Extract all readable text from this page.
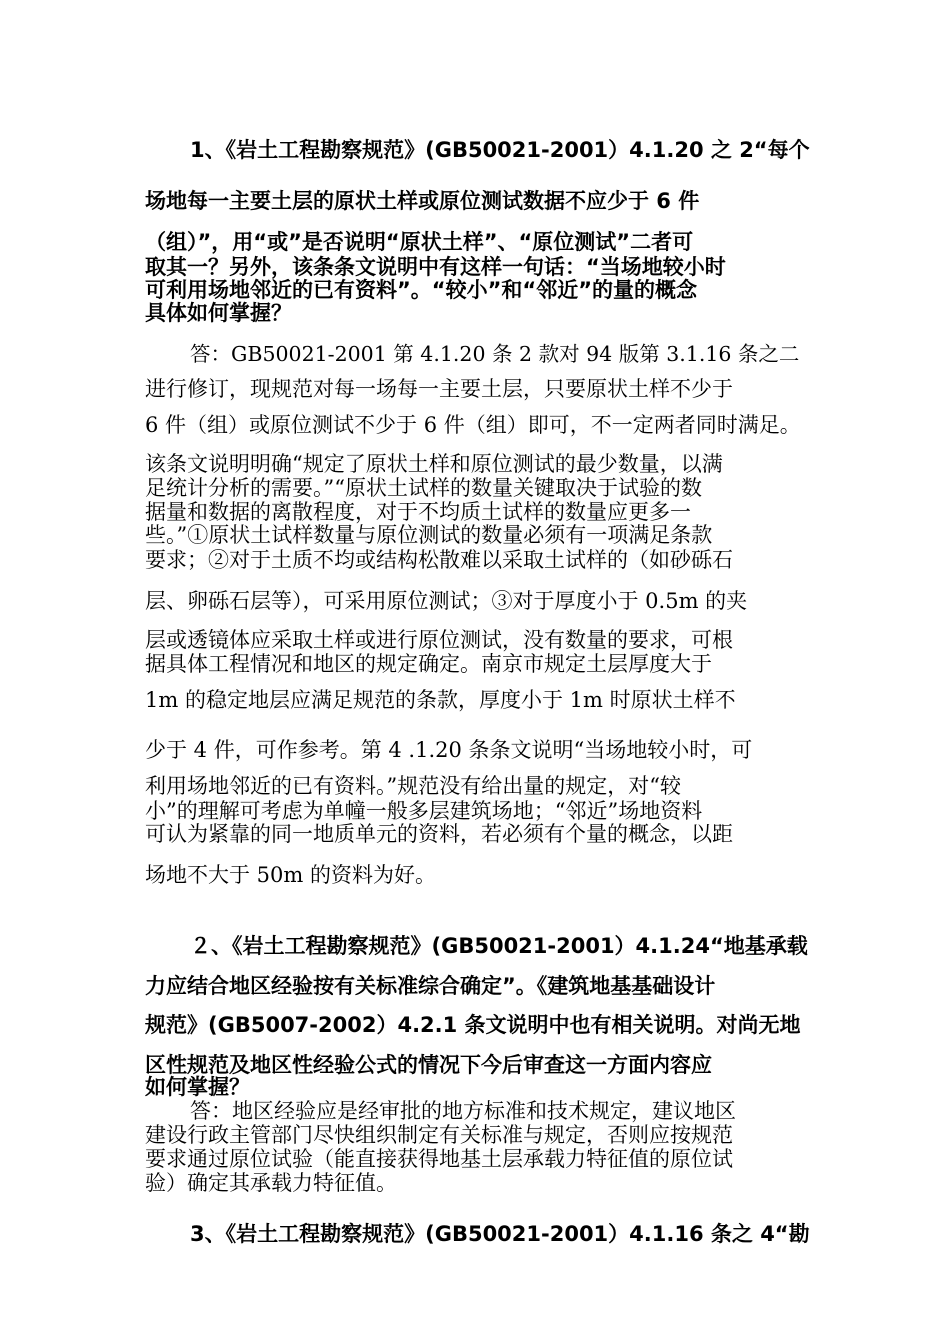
1、《岩土工程勘察规范》(GB50021-2001）4.1.20 之 2“每个
场地每一主要土层的原状土样或原位测试数据不应少于 6 件
（组）”，用“或”是否说明“原状土样”、“原位测试”二者可
取其一？另外，该条条文说明中有这样一句话：“当场地较小时
可利用场地邻近的已有资料”。“较小”和“邻近”的量的概念
具体如何掌握？
答：GB50021-2001 第 4.1.20 条 2 款对 94 版第 3.1.16 条之二
进行修订，现规范对每一场每一主要土层，只要原状土样不少于
6 件（组）或原位测试不少于 6 件（组）即可，不一定两者同时满足。
该条文说明明确“规定了原状土样和原位测试的最少数量，以满
足统计分析的需要。”“原状土试样的数量关键取决于试验的数
据量和数据的离散程度，对于不均质土试样的数量应更多一
些。”①原状土试样数量与原位测试的数量必须有一项满足条款
要求；②对于土质不均或结构松散难以采取土试样的（如砂砾石
层、卵砾石层等），可采用原位测试；③对于厚度小于 0.5m 的夹
层或透镜体应采取土样或进行原位测试，没有数量的要求，可根
据具体工程情况和地区的规定确定。南京市规定土层厚度大于
1m 的稳定地层应满足规范的条款，厚度小于 1m 时原状土样不
少于 4 件，可作参考。第 4 .1.20 条条文说明“当场地较小时，可
利用场地邻近的已有资料。”规范没有给出量的规定，对“较
小”的理解可考虑为单幢一般多层建筑场地；“邻近”场地资料
可认为紧靠的同一地质单元的资料，若必须有个量的概念，以距
场地不大于 50m 的资料为好。
２、《岩土工程勘察规范》(GB50021-2001）4.1.24“地基承载
力应结合地区经验按有关标准综合确定”。《建筑地基基础设计
规范》(GB5007-2002）4.2.1 条文说明中也有相关说明。对尚无地
区性规范及地区性经验公式的情况下今后审查这一方面内容应
如何掌握？
答：地区经验应是经审批的地方标准和技术规定，建议地区
建设行政主管部门尽快组织制定有关标准与规定，否则应按规范
要求通过原位试验（能直接获得地基土层承载力特征值的原位试
验）确定其承载力特征值。
3、《岩土工程勘察规范》(GB50021-2001）4.1.16 条之 4“勘
